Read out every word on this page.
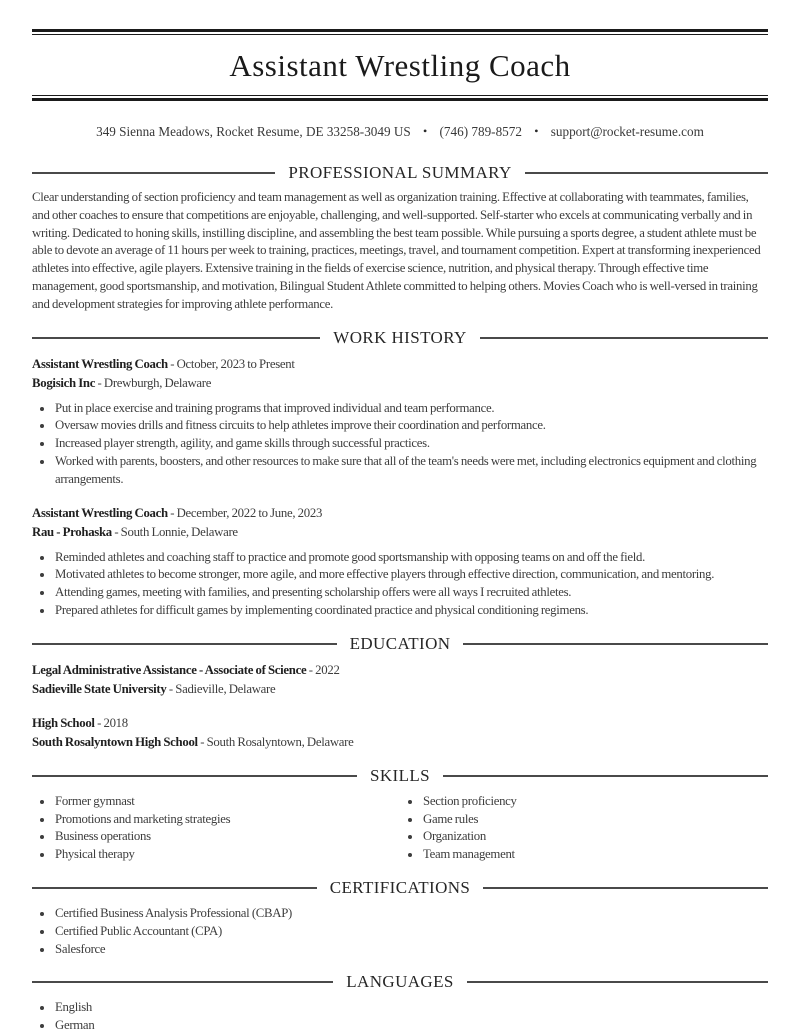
Assistant Wrestling Coach
349 Sienna Meadows, Rocket Resume, DE 33258-3049 US • (746) 789-8572 • support@rocket-resume.com
PROFESSIONAL SUMMARY

Clear understanding of section proficiency and team management as well as organization training. Effective at collaborating with teammates, families, and other coaches to ensure that competitions are enjoyable, challenging, and well-supported. Self-starter who excels at communicating verbally and in writing. Dedicated to honing skills, instilling discipline, and assembling the best team possible. While pursuing a sports degree, a student athlete must be able to devote an average of 11 hours per week to training, practices, meetings, travel, and tournament competition. Expert at transforming inexperienced athletes into effective, agile players. Extensive training in the fields of exercise science, nutrition, and physical therapy. Through effective time management, good sportsmanship, and motivation, Bilingual Student Athlete committed to helping others. Movies Coach who is well-versed in training and development strategies for improving athlete performance.

WORK HISTORY
Assistant Wrestling Coach - October, 2023 to Present
Bogisich Inc - Drewburgh, Delaware
• Put in place exercise and training programs that improved individual and team performance.
• Oversaw movies drills and fitness circuits to help athletes improve their coordination and performance.
• Increased player strength, agility, and game skills through successful practices.
• Worked with parents, boosters, and other resources to make sure that all of the team's needs were met, including electronics equipment and clothing arrangements.
Assistant Wrestling Coach - December, 2022 to June, 2023
Rau - Prohaska - South Lonnie, Delaware
• Reminded athletes and coaching staff to practice and promote good sportsmanship with opposing teams on and off the field.
• Motivated athletes to become stronger, more agile, and more effective players through effective direction, communication, and mentoring.
• Attending games, meeting with families, and presenting scholarship offers were all ways I recruited athletes.
• Prepared athletes for difficult games by implementing coordinated practice and physical conditioning regimens.
EDUCATION
Legal Administrative Assistance - Associate of Science - 2022
Sadieville State University - Sadieville, Delaware
High School - 2018
South Rosalyntown High School - South Rosalyntown, Delaware
SKILLS
• Former gymnast
• Promotions and marketing strategies
• Business operations
• Physical therapy
• Section proficiency
• Game rules
• Organization
• Team management
CERTIFICATIONS
• Certified Business Analysis Professional (CBAP)
• Certified Public Accountant (CPA)
• Salesforce
LANGUAGES
• English
• German
